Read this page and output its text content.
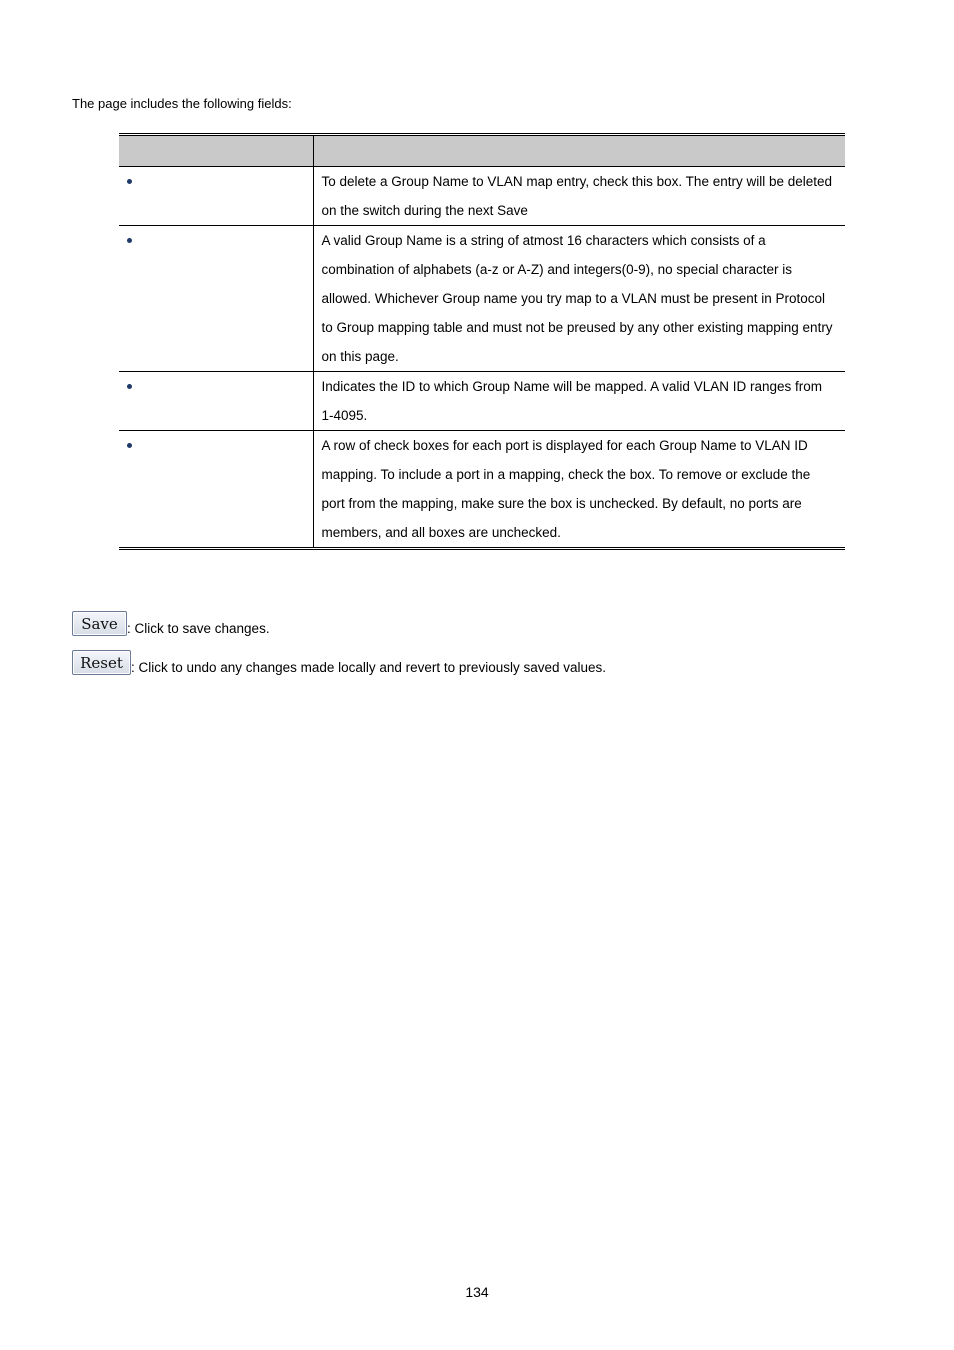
The page includes the following fields:

	To delete a Group Name to VLAN map entry, check this box. The entry will be deleted on the switch during the next Save
	A valid Group Name is a string of atmost 16 characters which consists of a combination of alphabets (a-z or A-Z) and integers(0-9), no special character is allowed. Whichever Group name you try map to a VLAN must be present in Protocol to Group mapping table and must not be preused by any other existing mapping entry on this page.
	Indicates the ID to which Group Name will be mapped. A valid VLAN ID ranges from 1-4095.
	A row of check boxes for each port is displayed for each Group Name to VLAN ID mapping. To include a port in a mapping, check the box. To remove or exclude the port from the mapping, make sure the box is unchecked. By default, no ports are members, and all boxes are unchecked.
Save : Click to save changes.
Reset : Click to undo any changes made locally and revert to previously saved values.
134
